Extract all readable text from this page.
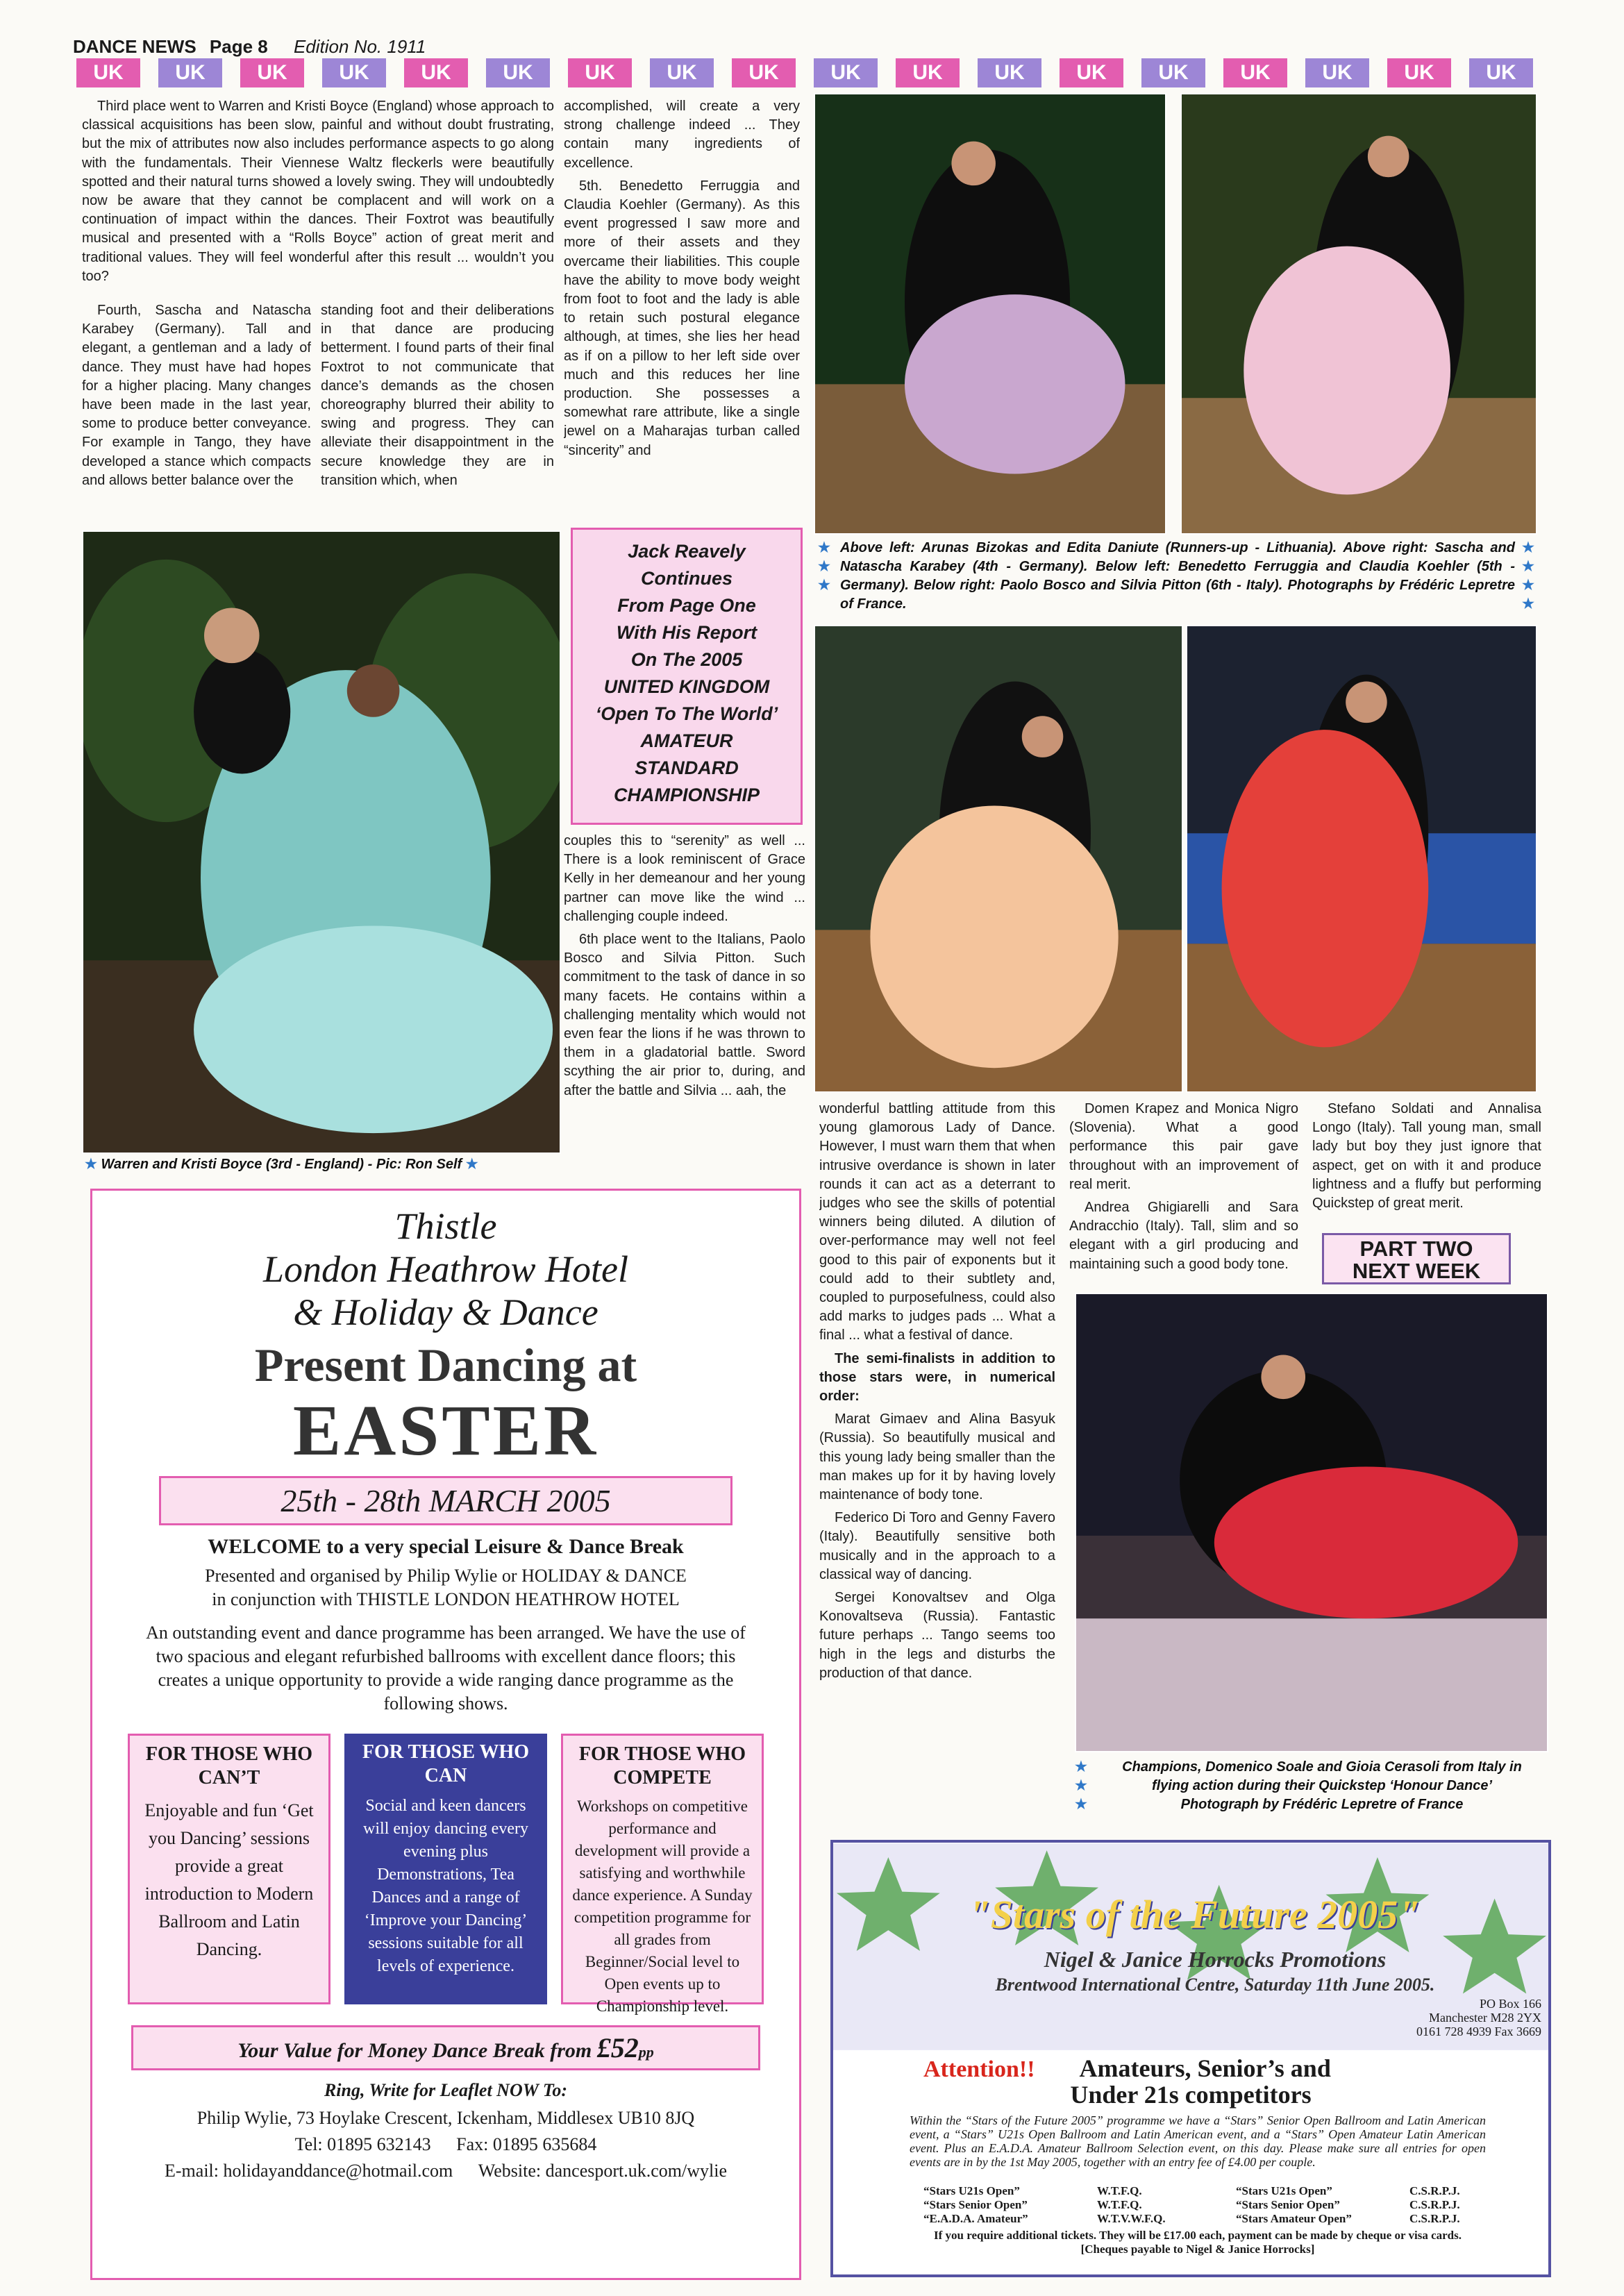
DANCE NEWS Page 8 Edition No. 1911
UK	UK	UK	UK	UK	UK	UK	UK	UK	UK	UK	UK	UK	UK	UK	UK	UK	UK

Third place went to Warren and Kristi Boyce (England) whose approach to classical acquisitions has been slow, painful and without doubt frustrating, but the mix of attributes now also includes performance aspects to go along with the fundamentals. Their Viennese Waltz fleckerls were beautifully spotted and their natural turns showed a lovely swing. They will undoubtedly now be aware that they cannot be complacent and will work on a continuation of impact within the dances. Their Foxtrot was beautifully musical and presented with a “Rolls Boyce” action of great merit and traditional values. They will feel wonderful after this result ... wouldn’t you too?

Fourth, Sascha and Natascha Karabey (Germany). Tall and elegant, a gentleman and a lady of dance. They must have had hopes for a higher placing. Many changes have been made in the last year, some to produce better conveyance. For example in Tango, they have developed a stance which compacts and allows better balance over the

standing foot and their deliberations in that dance are producing betterment. I found parts of their final Foxtrot to not communicate that dance’s demands as the chosen choreography blurred their ability to swing and progress. They can alleviate their disappointment in the secure knowledge they are in transition which, when

accomplished, will create a very strong challenge indeed ... They contain many ingredients of excellence.

5th. Benedetto Ferruggia and Claudia Koehler (Germany). As this event progressed I saw more and more of their assets and they overcame their liabilities. This couple have the ability to move body weight from foot to foot and the lady is able to retain such postural elegance although, at times, she lies her head as if on a pillow to her left side over much and this reduces her line production. She possesses a somewhat rare attribute, like a single jewel on a Maharajas turban called “sincerity” and

Jack Reavely
Continues
From Page One
With His Report
On The 2005
UNITED KINGDOM
‘Open To The World’
AMATEUR
STANDARD
CHAMPIONSHIP

couples this to “serenity” as well ... There is a look reminiscent of Grace Kelly in her demeanour and her young partner can move like the wind ... challenging couple indeed.

6th place went to the Italians, Paolo Bosco and Silvia Pitton. Such commitment to the task of dance in so many facets. He contains within a challenging mentality which would not even fear the lions if he was thrown to them in a gladatorial battle. Sword scything the air prior to, during, and after the battle and Silvia ... aah, the

★ Warren and Kristi Boyce (3rd - England) - Pic: Ron Self ★
★
★
★
Above left: Arunas Bizokas and Edita Daniute (Runners-up - Lithuania). Above right: Sascha and Natascha Karabey (4th - Germany). Below left: Benedetto Ferruggia and Claudia Koehler (5th - Germany). Below right: Paolo Bosco and Silvia Pitton (6th - Italy). Photographs by Frédéric Lepretre of France.
★
★
★
★

wonderful battling attitude from this young glamorous Lady of Dance. However, I must warn them that when intrusive overdance is shown in later rounds it can act as a deterrant to judges who see the skills of potential winners being diluted. A dilution of over-performance may well not feel good to this pair of exponents but it could add to their subtlety and, coupled to purposefulness, could also add marks to judges pads ... What a final ... what a festival of dance.

The semi-finalists in addition to those stars were, in numerical order:

Marat Gimaev and Alina Basyuk (Russia). So beautifully musical and this young lady being smaller than the man makes up for it by having lovely maintenance of body tone.

Federico Di Toro and Genny Favero (Italy). Beautifully sensitive both musically and in the approach to a classical way of dancing.

Sergei Konovaltsev and Olga Konovaltseva (Russia). Fantastic future perhaps ... Tango seems too high in the legs and disturbs the production of that dance.

Domen Krapez and Monica Nigro (Slovenia). What a good performance this pair gave throughout with an improvement of real merit.

Andrea Ghigiarelli and Sara Andracchio (Italy). Tall, slim and so elegant with a girl producing and maintaining such a good body tone.

Stefano Soldati and Annalisa Longo (Italy). Tall young man, small lady but boy they just ignore that aspect, get on with it and produce lightness and a fluffy but performing Quickstep of great merit.

PART TWO
NEXT WEEK
★
★
★
Champions, Domenico Soale and Gioia Cerasoli from Italy in
flying action during their Quickstep ‘Honour Dance’
Photograph by Frédéric Lepretre of France
Thistle
London Heathrow Hotel
& Holiday & Dance
Present Dancing at
EASTER
25th - 28th MARCH 2005
WELCOME to a very special Leisure & Dance Break
Presented and organised by Philip Wylie or HOLIDAY & DANCE in conjunction with THISTLE LONDON HEATHROW HOTEL
An outstanding event and dance programme has been arranged. We have the use of two spacious and elegant refurbished ballrooms with excellent dance floors; this creates a unique opportunity to provide a wide ranging dance programme as the following shows.
FOR THOSE WHO CAN’T
Enjoyable and fun ‘Get you Dancing’ sessions provide a great introduction to Modern Ballroom and Latin Dancing.
FOR THOSE WHO CAN
Social and keen dancers will enjoy dancing every evening plus Demonstrations, Tea Dances and a range of ‘Improve your Dancing’ sessions suitable for all levels of experience.
FOR THOSE WHO COMPETE
Workshops on competitive performance and development will provide a satisfying and worthwhile dance experience. A Sunday competition programme for all grades from Beginner/Social level to Open events up to Championship level.
Your Value for Money Dance Break from £52pp
Ring, Write for Leaflet NOW To:
Philip Wylie, 73 Hoylake Crescent, Ickenham, Middlesex UB10 8JQ
Tel: 01895 632143 Fax: 01895 635684
E-mail: holidayanddance@hotmail.com Website: dancesport.uk.com/wylie
"Stars of the Future 2005"
Nigel & Janice Horrocks Promotions
Brentwood International Centre, Saturday 11th June 2005.
PO Box 166
Manchester M28 2YX
0161 728 4939 Fax 3669
Attention!! Amateurs, Senior’s and
Under 21s competitors
Within the “Stars of the Future 2005” programme we have a “Stars” Senior Open Ballroom and Latin American event, a “Stars” U21s Open Ballroom and Latin American event, and a “Stars” Open Amateur Latin American event. Plus an E.A.D.A. Amateur Ballroom Selection event, on this day. Please make sure all entries for open events are in by the 1st May 2005, together with an entry fee of £4.00 per couple.
“Stars U21s Open”	W.T.F.Q.	“Stars U21s Open”	C.S.R.P.J.
“Stars Senior Open”	W.T.F.Q.	“Stars Senior Open”	C.S.R.P.J.
“E.A.D.A. Amateur”	W.T.V.W.F.Q.	“Stars Amateur Open”	C.S.R.P.J.
If you require additional tickets. They will be £17.00 each, payment can be made by cheque or visa cards. [Cheques payable to Nigel & Janice Horrocks]
